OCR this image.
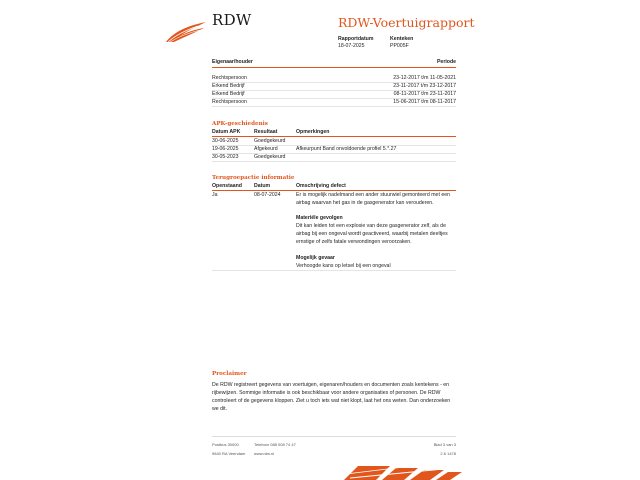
RDW	RDW-Voertuigrapport
Rapportdatum
18-07-2025
Kenteken
PP005F
Eigenaar/houder	Periode
Rechtspersoon	23-12-2017 t/m 11-05-2021
Erkend Bedrijf	23-11-2017 t/m 23-12-2017
Erkend Bedrijf	08-11-2017 t/m 23-11-2017
Rechtspersoon	15-06-2017 t/m 08-11-2017
APK-geschiedenis
Datum APK	Resultaat	Opmerkingen
30-06-2025	Goedgekeurd
19-06-2025	Afgekeurd	Afkeurpunt Band onvoldoende profiel 5.*.27
30-05-2023	Goedgekeurd
Terugroepactie informatie
Openstaand Datum	Omschrijving defect
Ja	08-07-2024	Er is mogelijk nadelmand een ander stuurwiel gemonteerd met een
airbag waarvan het gas in de gasgenerator kan verouderen.
Materiële gevolgen
Dit kan leiden tot een explosie van deze gasgenerator zelf, als de
airbag bij een ongeval wordt geactiveerd, waarbij metalen deeltjes
ernstige of zelfs fatale verwondingen veroorzaken.
Mogelijk gevaar
Verhoogde kans op letsel bij een ongeval
Proclaimer
De RDW registreert gegevens van voertuigen, eigenaren/houders en documenten zoals kentekens - en
rijbewijzen. Sommige informatie is ook beschikbaar voor andere organisaties of personen. De RDW
controleert of de gegevens kloppen. Ziet u toch iets wat niet klopt, laat het ons weten. Dan onderzoeken
we dit.
Postbus 30000
9640 RA Veendam
Telefoon 088 008 74 47
www.rdw.nl
Blad 3 van 3
2.6 1478
